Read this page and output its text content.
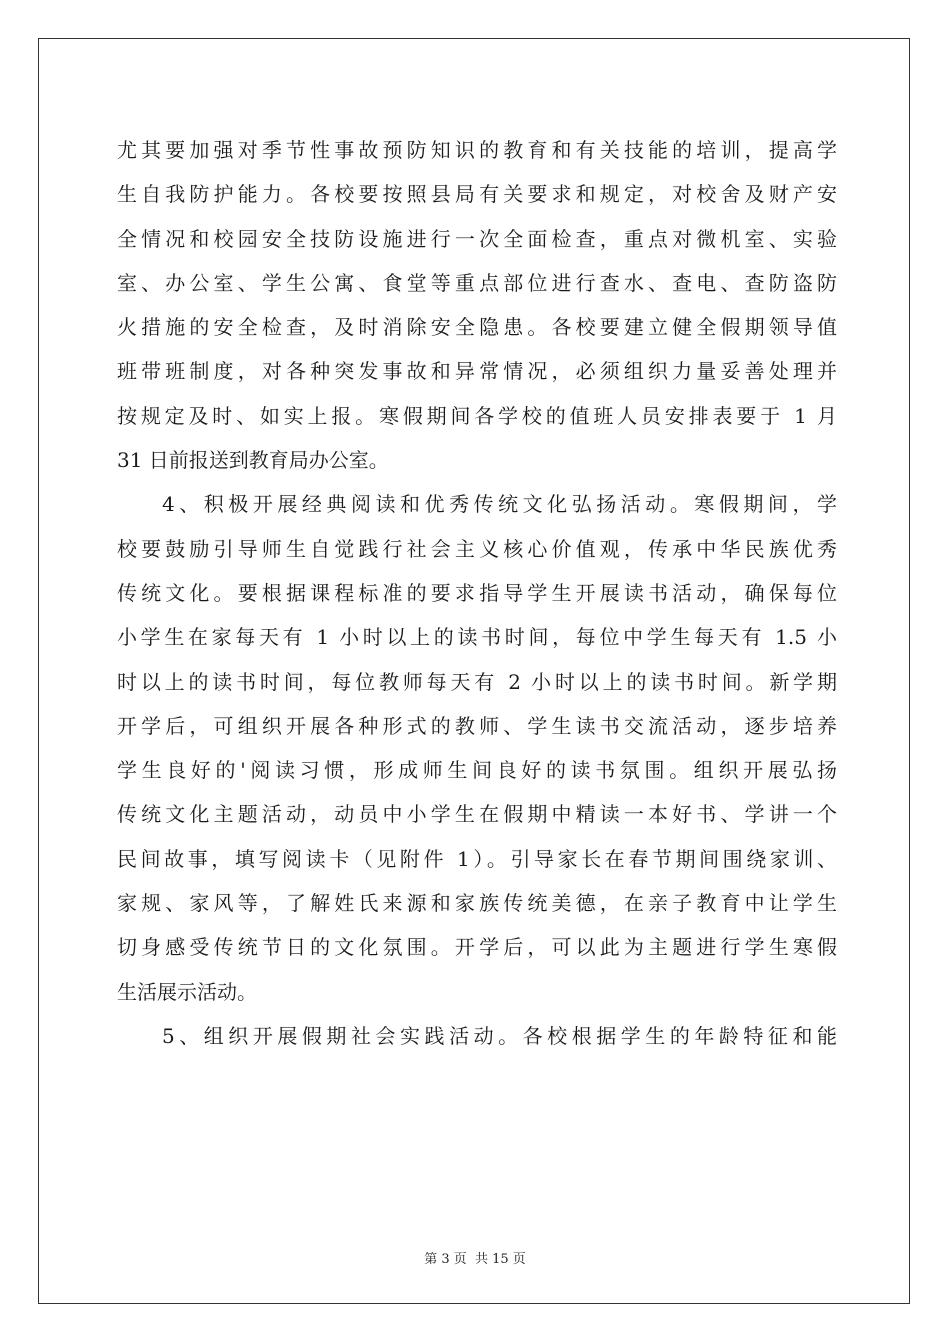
尤其要加强对季节性事故预防知识的教育和有关技能的培训，提高学
生自我防护能力。各校要按照县局有关要求和规定，对校舍及财产安
全情况和校园安全技防设施进行一次全面检查，重点对微机室、实验
室、办公室、学生公寓、食堂等重点部位进行查水、查电、查防盗防
火措施的安全检查，及时消除安全隐患。各校要建立健全假期领导值
班带班制度，对各种突发事故和异常情况，必须组织力量妥善处理并
按规定及时、如实上报。寒假期间各学校的值班人员安排表要于 1 月
31 日前报送到教育局办公室。
4、积极开展经典阅读和优秀传统文化弘扬活动。寒假期间，学
校要鼓励引导师生自觉践行社会主义核心价值观，传承中华民族优秀
传统文化。要根据课程标准的要求指导学生开展读书活动，确保每位
小学生在家每天有 1 小时以上的读书时间，每位中学生每天有 1.5 小
时以上的读书时间，每位教师每天有 2 小时以上的读书时间。新学期
开学后，可组织开展各种形式的教师、学生读书交流活动，逐步培养
学生良好的'阅读习惯，形成师生间良好的读书氛围。组织开展弘扬
传统文化主题活动，动员中小学生在假期中精读一本好书、学讲一个
民间故事，填写阅读卡（见附件 1）。引导家长在春节期间围绕家训、
家规、家风等，了解姓氏来源和家族传统美德，在亲子教育中让学生
切身感受传统节日的文化氛围。开学后，可以此为主题进行学生寒假
生活展示活动。
5、组织开展假期社会实践活动。各校根据学生的年龄特征和能
第 3 页 共 15 页
